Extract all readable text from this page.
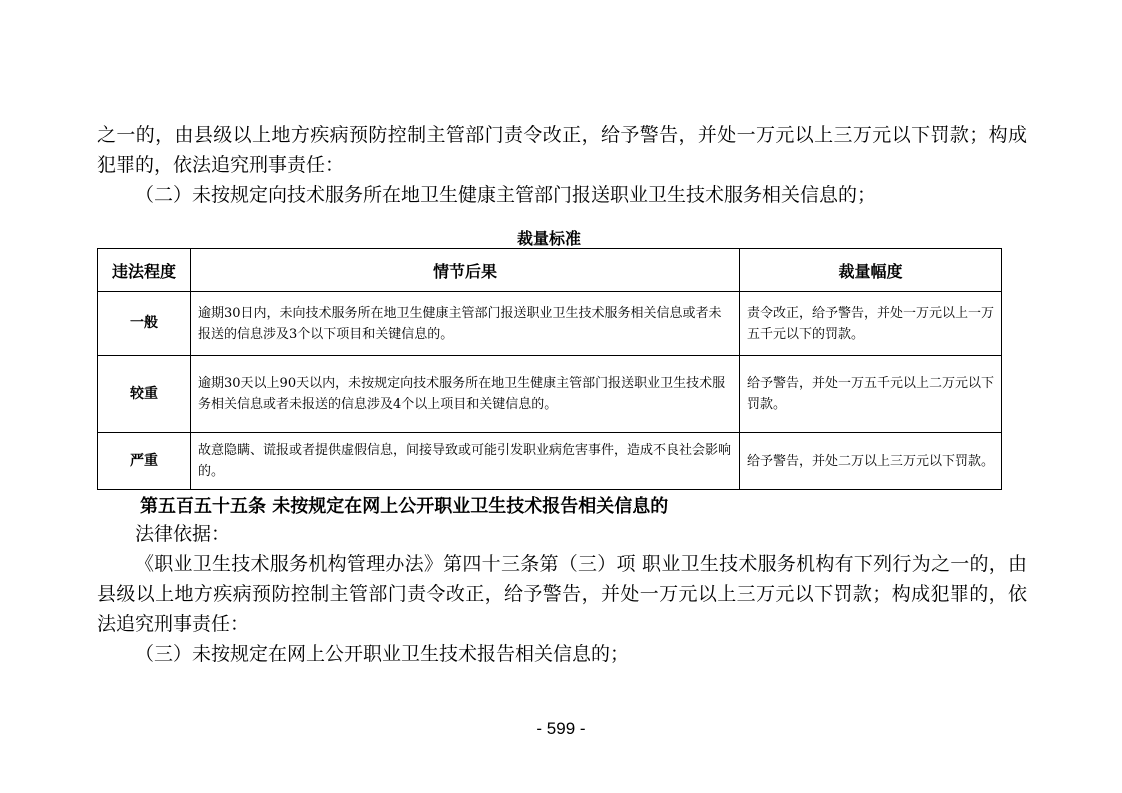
之一的，由县级以上地方疾病预防控制主管部门责令改正，给予警告，并处一万元以上三万元以下罚款；构成犯罪的，依法追究刑事责任：

（二）未按规定向技术服务所在地卫生健康主管部门报送职业卫生技术服务相关信息的；

裁量标准
违法程度	情节后果	裁量幅度
一般	逾期30日内，未向技术服务所在地卫生健康主管部门报送职业卫生技术服务相关信息或者未报送的信息涉及3个以下项目和关键信息的。	责令改正，给予警告，并处一万元以上一万五千元以下的罚款。
较重	逾期30天以上90天以内，未按规定向技术服务所在地卫生健康主管部门报送职业卫生技术服务相关信息或者未报送的信息涉及4个以上项目和关键信息的。	给予警告，并处一万五千元以上二万元以下罚款。
严重	故意隐瞒、谎报或者提供虚假信息，间接导致或可能引发职业病危害事件，造成不良社会影响的。	给予警告，并处二万以上三万元以下罚款。
第五百五十五条 未按规定在网上公开职业卫生技术报告相关信息的

法律依据：

《职业卫生技术服务机构管理办法》第四十三条第（三）项 职业卫生技术服务机构有下列行为之一的，由县级以上地方疾病预防控制主管部门责令改正，给予警告，并处一万元以上三万元以下罚款；构成犯罪的，依法追究刑事责任：

（三）未按规定在网上公开职业卫生技术报告相关信息的；

- 599 -
